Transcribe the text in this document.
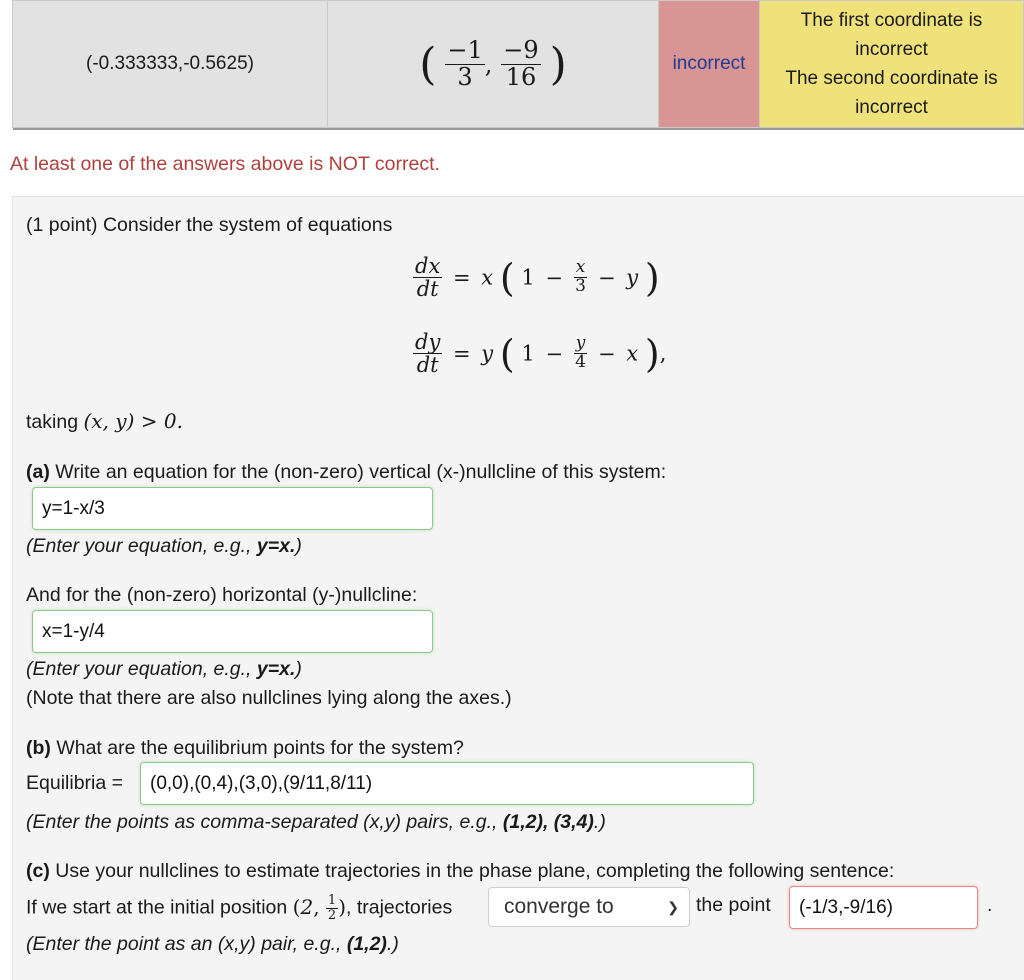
(-0.333333,-0.5625)	( $\frac{-1}{3}$ , $\frac{-9}{16}$ )	incorrect	
The first coordinate is
incorrect
The second coordinate is
incorrect
At least one of the answers above is NOT correct.
(1 point) Consider the system of equations
$\frac{dx}{dt} = x$ ( $1 - \frac{x}{3} - y$ )
$\frac{dy}{dt} = y$ ( $1 - \frac{y}{4} - x$ ),
taking (x, y) > 0.
(a) Write an equation for the (non-zero) vertical (x-)nullcline of this system:
y=1-x/3
(Enter your equation, e.g., y=x.)
And for the (non-zero) horizontal (y-)nullcline:
x=1-y/4
(Enter your equation, e.g., y=x.)
(Note that there are also nullclines lying along the axes.)
(b) What are the equilibrium points for the system?
Equilibria =
(0,0),(0,4),(3,0),(9/11,8/11)
(Enter the points as comma-separated (x,y) pairs, e.g., (1,2), (3,4).)
(c) Use your nullclines to estimate trajectories in the phase plane, completing the following sentence:
If we start at the initial position (2, $\frac{1}{2}$ ), trajectories	converge to	❯ the point
(-1/3,-9/16)	.
(Enter the point as an (x,y) pair, e.g., (1,2).)
